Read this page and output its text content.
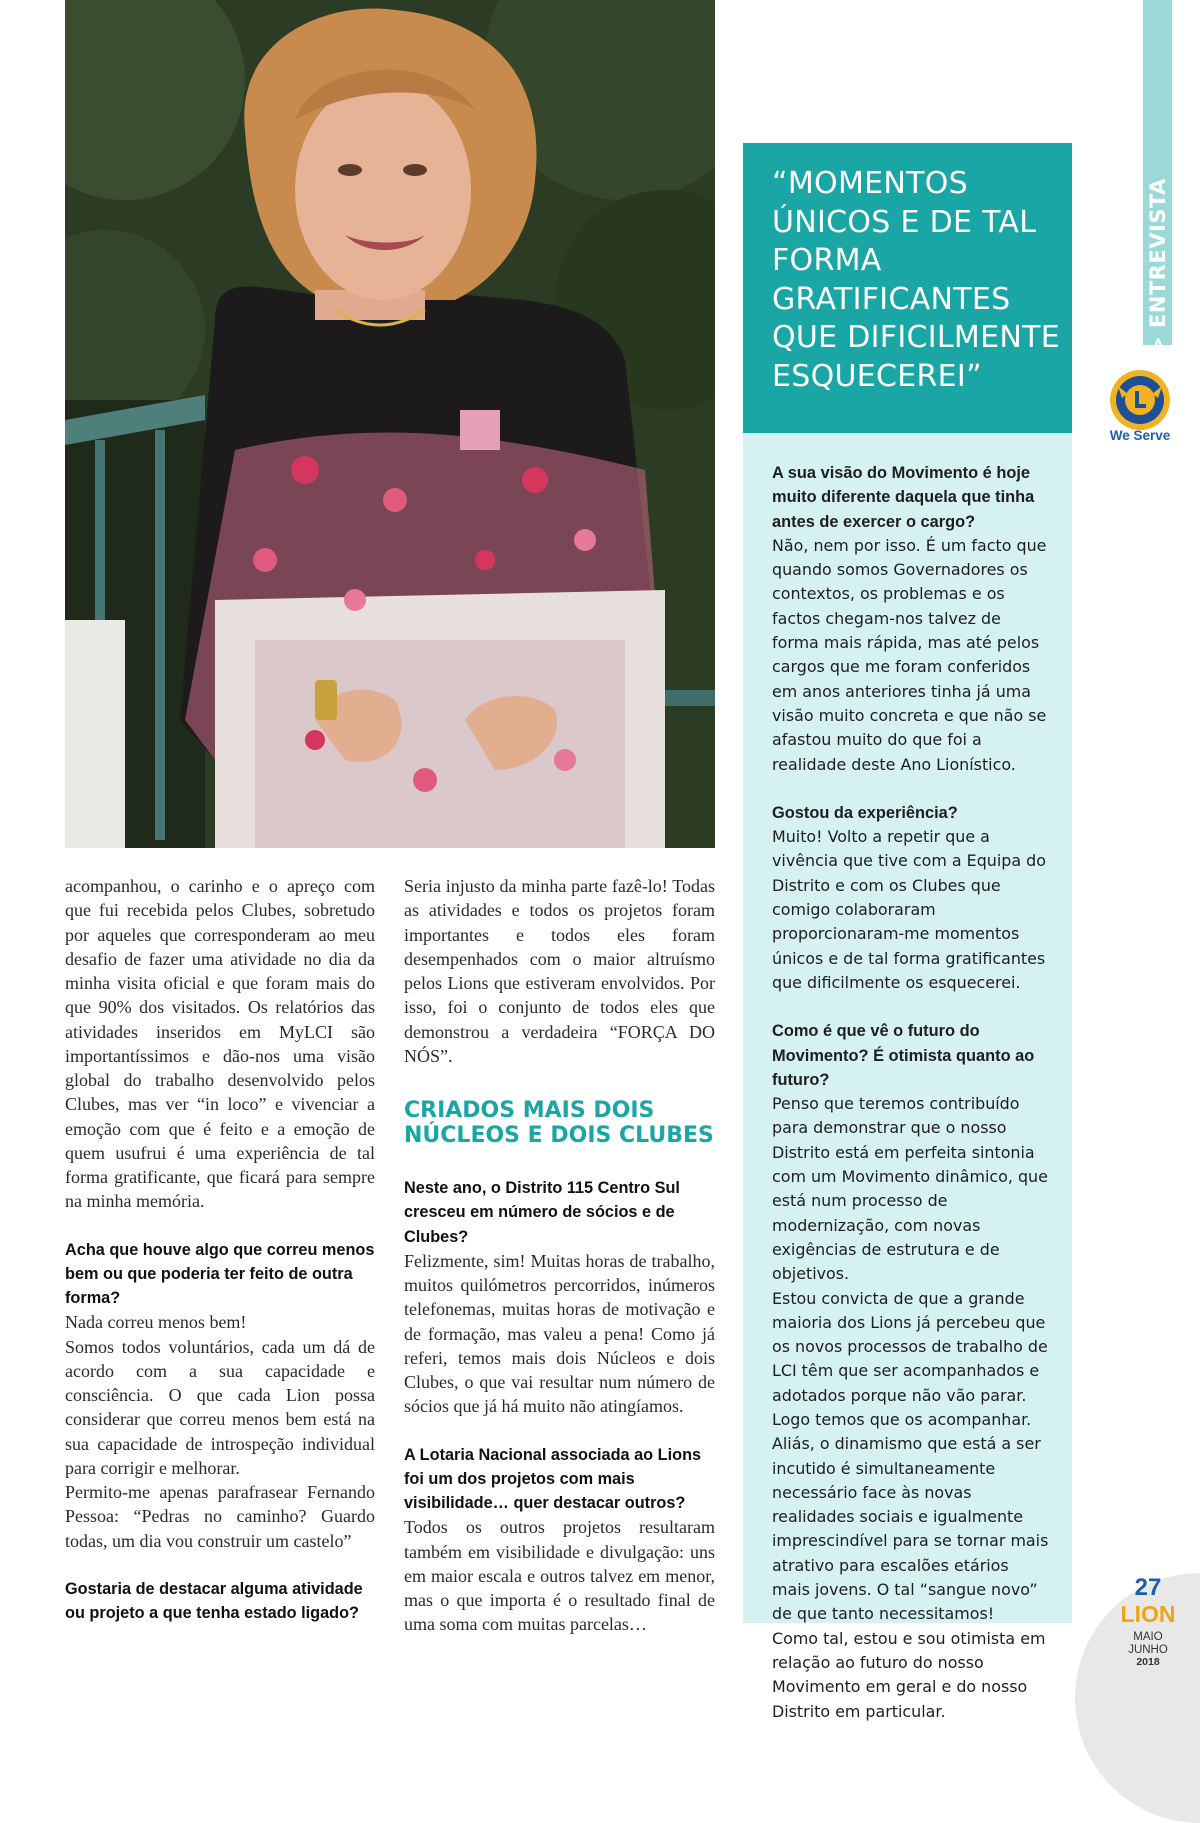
“MOMENTOS ÚNICOS E DE TAL FORMA GRATIFICANTES QUE DIFICILMENTE ESQUECEREI”

A sua visão do Movimento é hoje muito diferente daquela que tinha antes de exercer o cargo?

Não, nem por isso. É um facto que quando somos Governadores os contextos, os problemas e os factos chegam-nos talvez de forma mais rápida, mas até pelos cargos que me foram conferidos em anos anteriores tinha já uma visão muito concreta e que não se afastou muito do que foi a realidade deste Ano Lionístico.

Gostou da experiência?

Muito! Volto a repetir que a vivência que tive com a Equipa do Distrito e com os Clubes que comigo colaboraram proporcionaram-me momentos únicos e de tal forma gratificantes que dificilmente os esquecerei.

Como é que vê o futuro do Movimento? É otimista quanto ao futuro?

Penso que teremos contribuído para demonstrar que o nosso Distrito está em perfeita sintonia com um Movimento dinâmico, que está num processo de modernização, com novas exigências de estrutura e de objetivos.

Estou convicta de que a grande maioria dos Lions já percebeu que os novos processos de trabalho de LCI têm que ser acompanhados e adotados porque não vão parar. Logo temos que os acompanhar.

Aliás, o dinamismo que está a ser incutido é simultaneamente necessário face às novas realidades sociais e igualmente imprescindível para se tornar mais atrativo para escalões etários mais jovens. O tal “sangue novo” de que tanto necessitamos!

Como tal, estou e sou otimista em relação ao futuro do nosso Movimento em geral e do nosso Distrito em particular.

> ENTREVISTA
We Serve

acompanhou, o carinho e o apreço com que fui recebida pelos Clubes, sobretudo por aqueles que corresponderam ao meu desafio de fazer uma atividade no dia da minha visita oficial e que foram mais do que 90% dos visitados. Os relatórios das atividades inseridos em MyLCI são importantíssimos e dão-nos uma visão global do trabalho desenvolvido pelos Clubes, mas ver “in loco” e vivenciar a emoção com que é feito e a emoção de quem usufrui é uma experiência de tal forma gratificante, que ficará para sempre na minha memória.

Acha que houve algo que correu menos bem ou que poderia ter feito de outra forma?

Nada correu menos bem!

Somos todos voluntários, cada um dá de acordo com a sua capacidade e consciência. O que cada Lion possa considerar que correu menos bem está na sua capacidade de introspeção individual para corrigir e melhorar.

Permito-me apenas parafrasear Fernando Pessoa: “Pedras no caminho? Guardo todas, um dia vou construir um castelo”

Gostaria de destacar alguma atividade ou projeto a que tenha estado ligado?

Seria injusto da minha parte fazê-lo! Todas as atividades e todos os projetos foram importantes e todos eles foram desempenhados com o maior altruísmo pelos Lions que estiveram envolvidos. Por isso, foi o conjunto de todos eles que demonstrou a verdadeira “FORÇA DO NÓS”.

CRIADOS MAIS DOIS NÚCLEOS E DOIS CLUBES

Neste ano, o Distrito 115 Centro Sul cresceu em número de sócios e de Clubes?

Felizmente, sim! Muitas horas de trabalho, muitos quilómetros percorridos, inúmeros telefonemas, muitas horas de motivação e de formação, mas valeu a pena! Como já referi, temos mais dois Núcleos e dois Clubes, o que vai resultar num número de sócios que já há muito não atingíamos.

A Lotaria Nacional associada ao Lions foi um dos projetos com mais visibilidade… quer destacar outros?

Todos os outros projetos resultaram também em visibilidade e divulgação: uns em maior escala e outros talvez em menor, mas o que importa é o resultado final de uma soma com muitas parcelas…

27
LION
MAIO
JUNHO
2018
